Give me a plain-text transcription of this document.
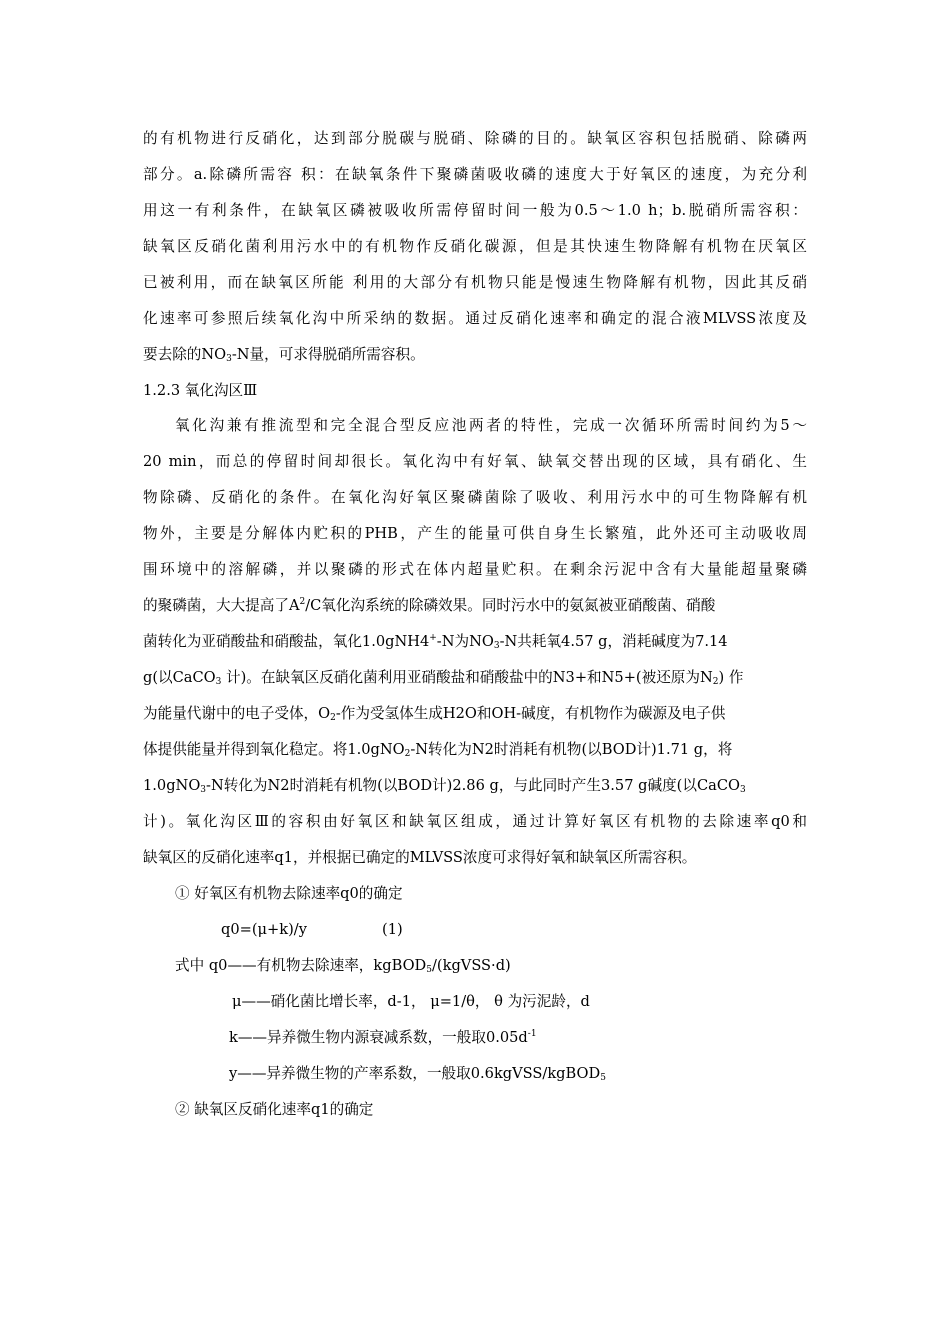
的有机物进行反硝化，达到部分脱碳与脱硝、除磷的目的。缺氧区容积包括脱硝、除磷两
部分。a.除磷所需容 积：在缺氧条件下聚磷菌吸收磷的速度大于好氧区的速度，为充分利
用这一有利条件，在缺氧区磷被吸收所需停留时间一般为0.5～1.0 h；b.脱硝所需容积：
缺氧区反硝化菌利用污水中的有机物作反硝化碳源，但是其快速生物降解有机物在厌氧区
已被利用，而在缺氧区所能 利用的大部分有机物只能是慢速生物降解有机物，因此其反硝
化速率可参照后续氧化沟中所采纳的数据。通过反硝化速率和确定的混合液MLVSS浓度及
要去除的$NO_3-N$量，可求得脱硝所需容积。
1.2.3 氧化沟区Ⅲ
氧化沟兼有推流型和完全混合型反应池两者的特性，完成一次循环所需时间约为5～
20 min，而总的停留时间却很长。氧化沟中有好氧、缺氧交替出现的区域，具有硝化、生
物除磷、反硝化的条件。在氧化沟好氧区聚磷菌除了吸收、利用污水中的可生物降解有机
物外，主要是分解体内贮积的PHB，产生的能量可供自身生长繁殖，此外还可主动吸收周
围环境中的溶解磷，并以聚磷的形式在体内超量贮积。在剩余污泥中含有大量能超量聚磷
的聚磷菌，大大提高了$A^2/C$氧化沟系统的除磷效果。同时污水中的氨氮被亚硝酸菌、硝酸
菌转化为亚硝酸盐和硝酸盐，氧化1.0gNH4+-N为$NO_3-N$共耗氧4.57 g，消耗碱度为7.14
g(以CaCO$_3$ 计)。在缺氧区反硝化菌利用亚硝酸盐和硝酸盐中的N3+和N5+(被还原为$N_2$) 作
为能量代谢中的电子受体，$O_2-$作为受氢体生成H2O和OH-碱度，有机物作为碳源及电子供
体提供能量并得到氧化稳定。将1.0gNO$_2$-N转化为N2时消耗有机物(以BOD计)1.71 g，将
1.0gNO$_3$-N转化为N2时消耗有机物(以BOD计)2.86 g，与此同时产生3.57 g碱度(以CaCO$_3$
计)。氧化沟区Ⅲ的容积由好氧区和缺氧区组成，通过计算好氧区有机物的去除速率q0和
缺氧区的反硝化速率q1，并根据已确定的MLVSS浓度可求得好氧和缺氧区所需容积。
① 好氧区有机物去除速率q0的确定
q0=(μ+k)/y	(1)
式中 q0——有机物去除速率，kgBOD$_5$/(kgVSS·d)
μ——硝化菌比增长率，d-1， μ=1/θ， θ 为污泥龄，d
k——异养微生物内源衰减系数，一般取$0.05d^{-1}$
y——异养微生物的产率系数，一般取0.6kgVSS/kgBOD$_5$
② 缺氧区反硝化速率q1的确定
